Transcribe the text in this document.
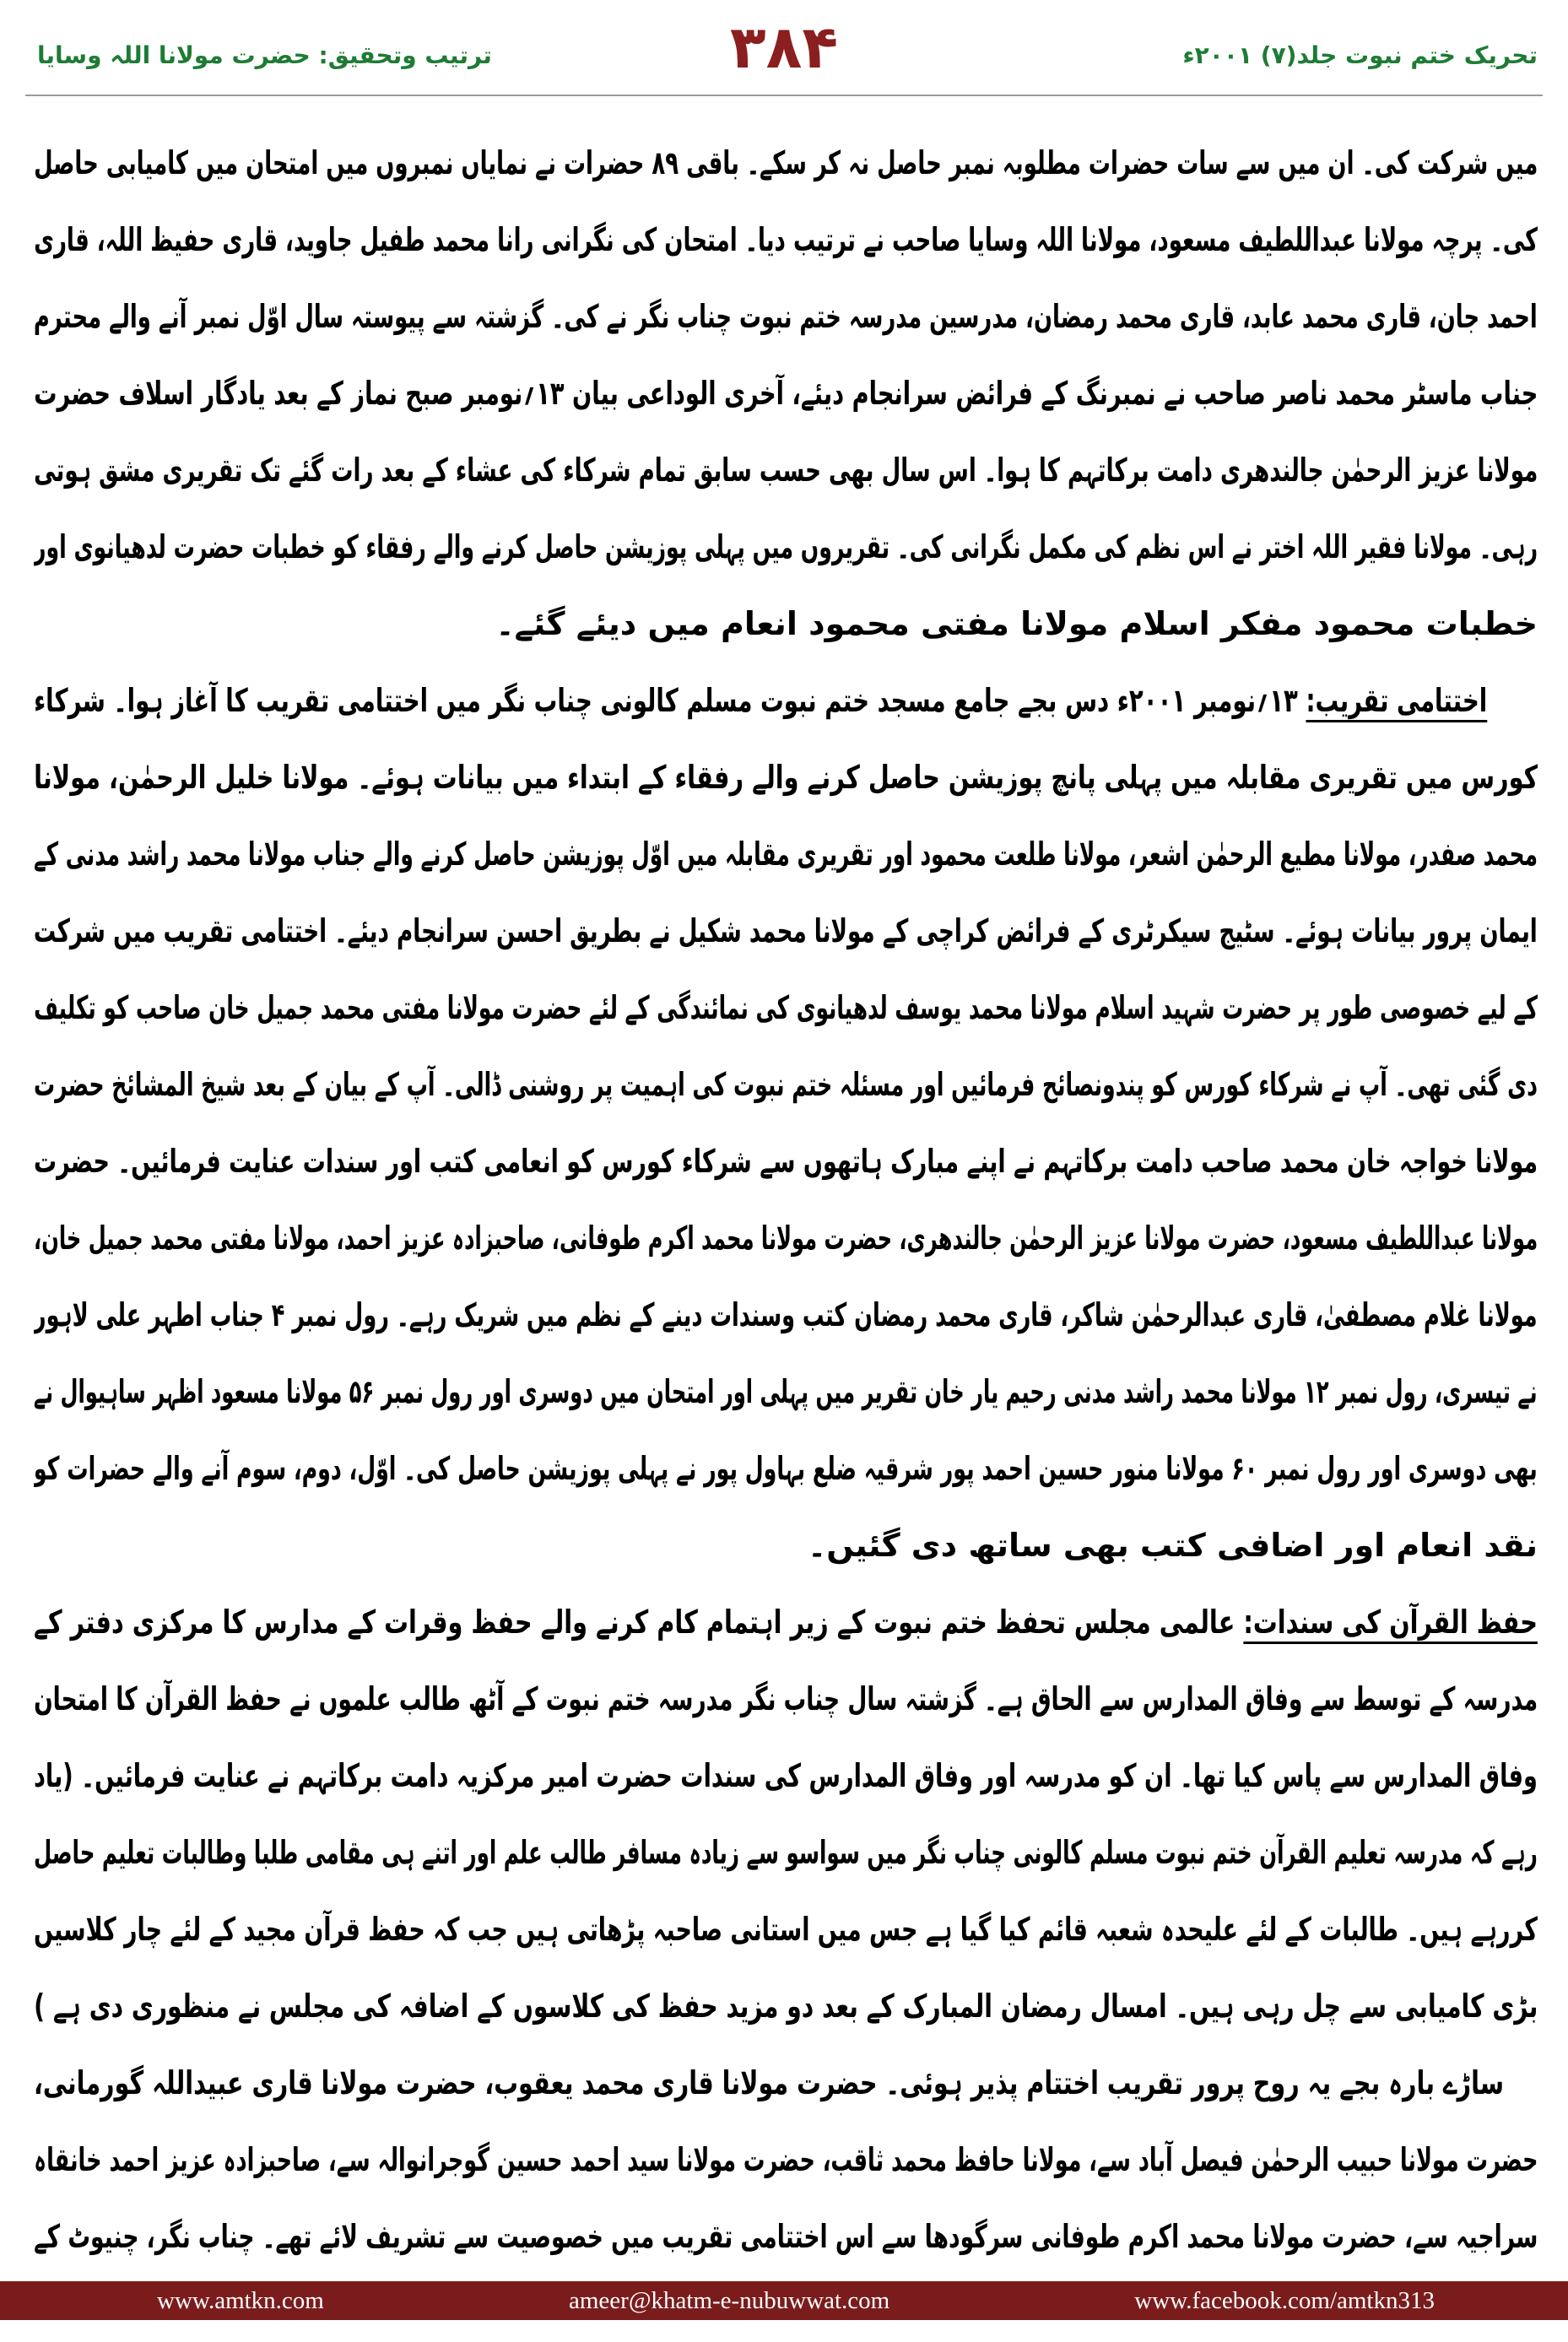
تحریک ختم نبوت جلد(۷) ۲۰۰۱ء
۳۸۴
ترتیب وتحقیق: حضرت مولانا اللہ وسایا
میں شرکت کی۔ ان میں سے سات حضرات مطلوبہ نمبر حاصل نہ کر سکے۔ باقی ۸۹ حضرات نے نمایاں نمبروں میں امتحان میں کامیابی حاصل
کی۔ پرچہ مولانا عبداللطیف مسعود، مولانا اللہ وسایا صاحب نے ترتیب دیا۔ امتحان کی نگرانی رانا محمد طفیل جاوید، قاری حفیظ اللہ، قاری
احمد جان، قاری محمد عابد، قاری محمد رمضان، مدرسین مدرسہ ختم نبوت چناب نگر نے کی۔ گزشتہ سے پیوستہ سال اوّل نمبر آنے والے محترم
جناب ماسٹر محمد ناصر صاحب نے نمبرنگ کے فرائض سرانجام دیئے، آخری الوداعی بیان ۱۳؍نومبر صبح نماز کے بعد یادگار اسلاف حضرت
مولانا عزیز الرحمٰن جالندھری دامت برکاتہم کا ہوا۔ اس سال بھی حسب سابق تمام شرکاء کی عشاء کے بعد رات گئے تک تقریری مشق ہوتی
رہی۔ مولانا فقیر اللہ اختر نے اس نظم کی مکمل نگرانی کی۔ تقریروں میں پہلی پوزیشن حاصل کرنے والے رفقاء کو خطبات حضرت لدھیانوی اور
خطبات محمود مفکر اسلام مولانا مفتی محمود انعام میں دیئے گئے۔
اختتامی تقریب: ۱۳؍نومبر ۲۰۰۱ء دس بجے جامع مسجد ختم نبوت مسلم کالونی چناب نگر میں اختتامی تقریب کا آغاز ہوا۔ شرکاء
کورس میں تقریری مقابلہ میں پہلی پانچ پوزیشن حاصل کرنے والے رفقاء کے ابتداء میں بیانات ہوئے۔ مولانا خلیل الرحمٰن، مولانا
محمد صفدر، مولانا مطیع الرحمٰن اشعر، مولانا طلعت محمود اور تقریری مقابلہ میں اوّل پوزیشن حاصل کرنے والے جناب مولانا محمد راشد مدنی کے
ایمان پرور بیانات ہوئے۔ سٹیج سیکرٹری کے فرائض کراچی کے مولانا محمد شکیل نے بطریق احسن سرانجام دیئے۔ اختتامی تقریب میں شرکت
کے لیے خصوصی طور پر حضرت شہید اسلام مولانا محمد یوسف لدھیانوی کی نمائندگی کے لئے حضرت مولانا مفتی محمد جمیل خان صاحب کو تکلیف
دی گئی تھی۔ آپ نے شرکاء کورس کو پندونصائح فرمائیں اور مسئلہ ختم نبوت کی اہمیت پر روشنی ڈالی۔ آپ کے بیان کے بعد شیخ المشائخ حضرت
مولانا خواجہ خان محمد صاحب دامت برکاتہم نے اپنے مبارک ہاتھوں سے شرکاء کورس کو انعامی کتب اور سندات عنایت فرمائیں۔ حضرت
مولانا عبداللطیف مسعود، حضرت مولانا عزیز الرحمٰن جالندھری، حضرت مولانا محمد اکرم طوفانی، صاحبزادہ عزیز احمد، مولانا مفتی محمد جمیل خان،
مولانا غلام مصطفیٰ، قاری عبدالرحمٰن شاکر، قاری محمد رمضان کتب وسندات دینے کے نظم میں شریک رہے۔ رول نمبر ۴ جناب اطہر علی لاہور
نے تیسری، رول نمبر ۱۲ مولانا محمد راشد مدنی رحیم یار خان تقریر میں پہلی اور امتحان میں دوسری اور رول نمبر ۵۶ مولانا مسعود اظہر ساہیوال نے
بھی دوسری اور رول نمبر ۶۰ مولانا منور حسین احمد پور شرقیہ ضلع بہاول پور نے پہلی پوزیشن حاصل کی۔ اوّل، دوم، سوم آنے والے حضرات کو
نقد انعام اور اضافی کتب بھی ساتھ دی گئیں۔
حفظ القرآن کی سندات: عالمی مجلس تحفظ ختم نبوت کے زیر اہتمام کام کرنے والے حفظ وقرات کے مدارس کا مرکزی دفتر کے
مدرسہ کے توسط سے وفاق المدارس سے الحاق ہے۔ گزشتہ سال چناب نگر مدرسہ ختم نبوت کے آٹھ طالب علموں نے حفظ القرآن کا امتحان
وفاق المدارس سے پاس کیا تھا۔ ان کو مدرسہ اور وفاق المدارس کی سندات حضرت امیر مرکزیہ دامت برکاتہم نے عنایت فرمائیں۔ (یاد
رہے کہ مدرسہ تعلیم القرآن ختم نبوت مسلم کالونی چناب نگر میں سواسو سے زیادہ مسافر طالب علم اور اتنے ہی مقامی طلبا وطالبات تعلیم حاصل
کررہے ہیں۔ طالبات کے لئے علیحدہ شعبہ قائم کیا گیا ہے جس میں استانی صاحبہ پڑھاتی ہیں جب کہ حفظ قرآن مجید کے لئے چار کلاسیں
بڑی کامیابی سے چل رہی ہیں۔ امسال رمضان المبارک کے بعد دو مزید حفظ کی کلاسوں کے اضافہ کی مجلس نے منظوری دی ہے )
ساڑے بارہ بجے یہ روح پرور تقریب اختتام پذیر ہوئی۔ حضرت مولانا قاری محمد یعقوب، حضرت مولانا قاری عبیداللہ گورمانی،
حضرت مولانا حبیب الرحمٰن فیصل آباد سے، مولانا حافظ محمد ثاقب، حضرت مولانا سید احمد حسین گوجرانوالہ سے، صاحبزادہ عزیز احمد خانقاہ
سراجیہ سے، حضرت مولانا محمد اکرم طوفانی سرگودھا سے اس اختتامی تقریب میں خصوصیت سے تشریف لائے تھے۔ چناب نگر، چنیوٹ کے
www.amtkn.com	ameer@khatm-e-nubuwwat.com	www.facebook.com/amtkn313
